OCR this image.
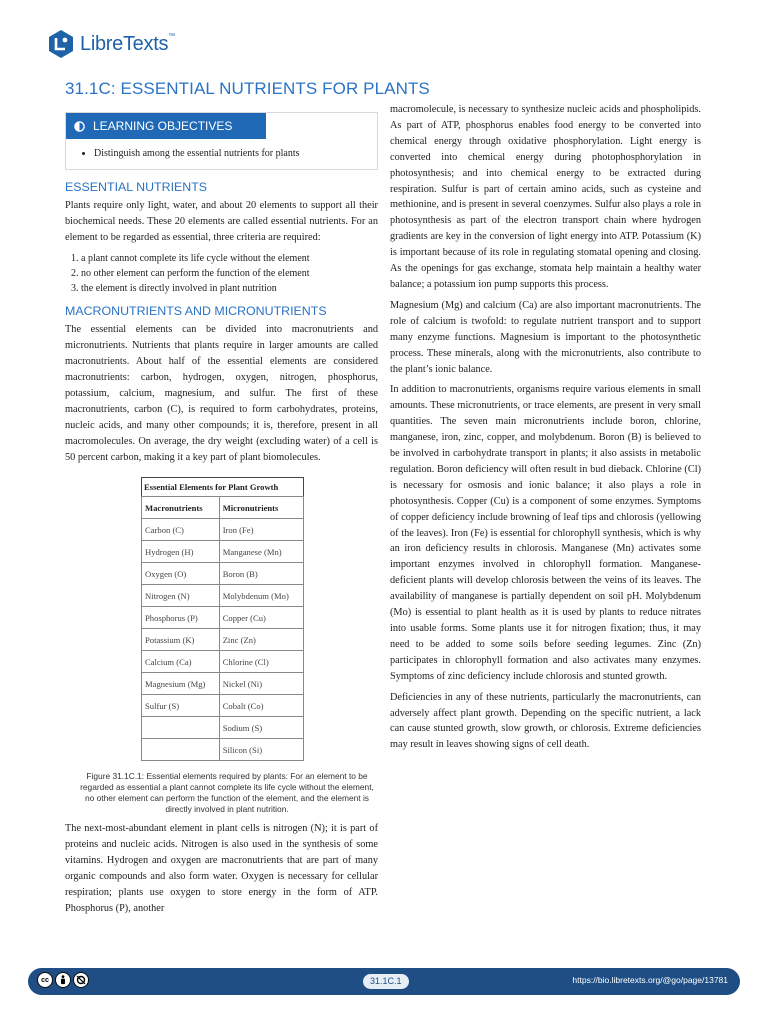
LibreTexts™
31.1C: ESSENTIAL NUTRIENTS FOR PLANTS
LEARNING OBJECTIVES
• Distinguish among the essential nutrients for plants
ESSENTIAL NUTRIENTS

Plants require only light, water, and about 20 elements to support all their biochemical needs. These 20 elements are called essential nutrients. For an element to be regarded as essential, three criteria are required:

1. a plant cannot complete its life cycle without the element
2. no other element can perform the function of the element
3. the element is directly involved in plant nutrition
MACRONUTRIENTS AND MICRONUTRIENTS

The essential elements can be divided into macronutrients and micronutrients. Nutrients that plants require in larger amounts are called macronutrients. About half of the essential elements are considered macronutrients: carbon, hydrogen, oxygen, nitrogen, phosphorus, potassium, calcium, magnesium, and sulfur. The first of these macronutrients, carbon (C), is required to form carbohydrates, proteins, nucleic acids, and many other compounds; it is, therefore, present in all macromolecules. On average, the dry weight (excluding water) of a cell is 50 percent carbon, making it a key part of plant biomolecules.

Essential Elements for Plant Growth
Macronutrients	Micronutrients
Carbon (C)	Iron (Fe)
Hydrogen (H)	Manganese (Mn)
Oxygen (O)	Boron (B)
Nitrogen (N)	Molybdenum (Mo)
Phosphorus (P)	Copper (Cu)
Potassium (K)	Zinc (Zn)
Calcium (Ca)	Chlorine (Cl)
Magnesium (Mg)	Nickel (Ni)
Sulfur (S)	Cobalt (Co)
	Sodium (S)
	Silicon (Si)
Figure 31.1C.1: Essential elements required by plants: For an element to be regarded as essential a plant cannot complete its life cycle without the element, no other element can perform the function of the element, and the element is directly involved in plant nutrition.

The next-most-abundant element in plant cells is nitrogen (N); it is part of proteins and nucleic acids. Nitrogen is also used in the synthesis of some vitamins. Hydrogen and oxygen are macronutrients that are part of many organic compounds and also form water. Oxygen is necessary for cellular respiration; plants use oxygen to store energy in the form of ATP. Phosphorus (P), another

macromolecule, is necessary to synthesize nucleic acids and phospholipids. As part of ATP, phosphorus enables food energy to be converted into chemical energy through oxidative phosphorylation. Light energy is converted into chemical energy during photophosphorylation in photosynthesis; and into chemical energy to be extracted during respiration. Sulfur is part of certain amino acids, such as cysteine and methionine, and is present in several coenzymes. Sulfur also plays a role in photosynthesis as part of the electron transport chain where hydrogen gradients are key in the conversion of light energy into ATP. Potassium (K) is important because of its role in regulating stomatal opening and closing. As the openings for gas exchange, stomata help maintain a healthy water balance; a potassium ion pump supports this process.

Magnesium (Mg) and calcium (Ca) are also important macronutrients. The role of calcium is twofold: to regulate nutrient transport and to support many enzyme functions. Magnesium is important to the photosynthetic process. These minerals, along with the micronutrients, also contribute to the plant’s ionic balance.

In addition to macronutrients, organisms require various elements in small amounts. These micronutrients, or trace elements, are present in very small quantities. The seven main micronutrients include boron, chlorine, manganese, iron, zinc, copper, and molybdenum. Boron (B) is believed to be involved in carbohydrate transport in plants; it also assists in metabolic regulation. Boron deficiency will often result in bud dieback. Chlorine (Cl) is necessary for osmosis and ionic balance; it also plays a role in photosynthesis. Copper (Cu) is a component of some enzymes. Symptoms of copper deficiency include browning of leaf tips and chlorosis (yellowing of the leaves). Iron (Fe) is essential for chlorophyll synthesis, which is why an iron deficiency results in chlorosis. Manganese (Mn) activates some important enzymes involved in chlorophyll formation. Manganese-deficient plants will develop chlorosis between the veins of its leaves. The availability of manganese is partially dependent on soil pH. Molybdenum (Mo) is essential to plant health as it is used by plants to reduce nitrates into usable forms. Some plants use it for nitrogen fixation; thus, it may need to be added to some soils before seeding legumes. Zinc (Zn) participates in chlorophyll formation and also activates many enzymes. Symptoms of zinc deficiency include chlorosis and stunted growth.

Deficiencies in any of these nutrients, particularly the macronutrients, can adversely affect plant growth. Depending on the specific nutrient, a lack can cause stunted growth, slow growth, or chlorosis. Extreme deficiencies may result in leaves showing signs of cell death.

cc	31.1C.1	https://bio.libretexts.org/@go/page/13781
